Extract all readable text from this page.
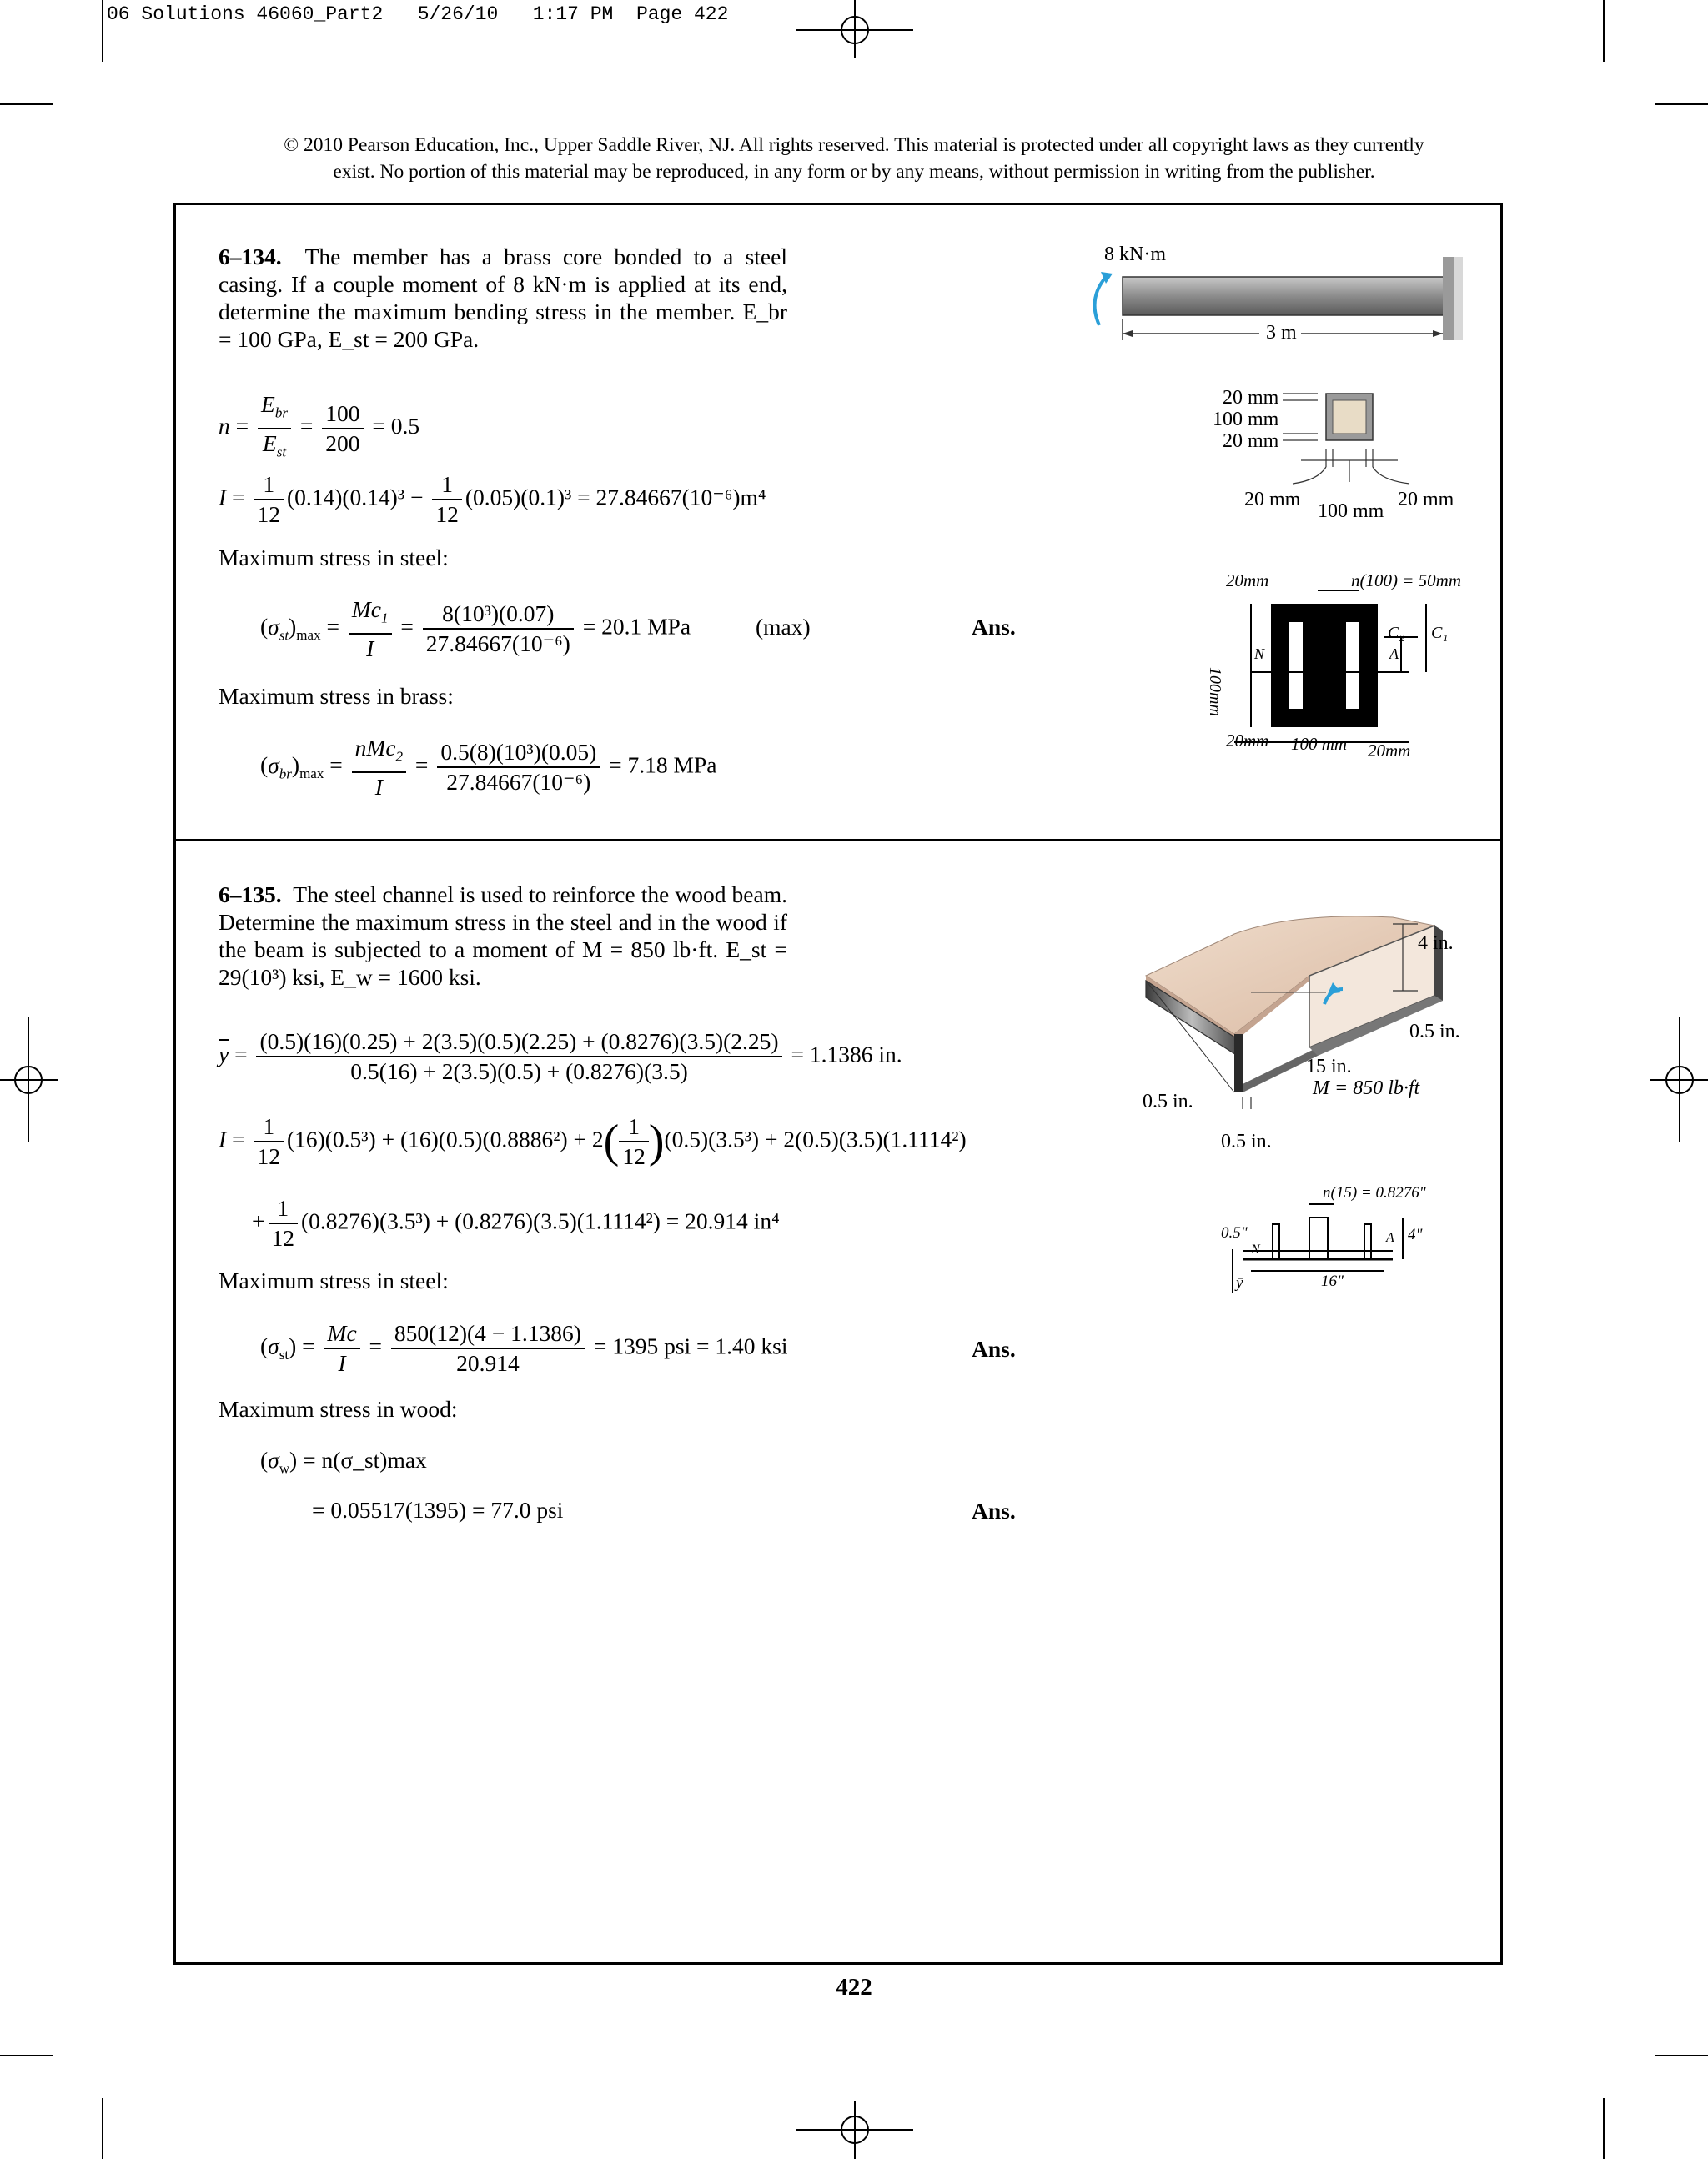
06 Solutions 46060_Part2 5/26/10 1:17 PM Page 422
© 2010 Pearson Education, Inc., Upper Saddle River, NJ. All rights reserved. This material is protected under all copyright laws as they currently
exist. No portion of this material may be reproduced, in any form or by any means, without permission in writing from the publisher.
6–134. The member has a brass core bonded to a steel casing. If a couple moment of 8 kN·m is applied at its end, determine the maximum bending stress in the member. E_br = 100 GPa, E_st = 200 GPa.
$n = \frac{E_{br}}{E_{st}} = \frac{100}{200} = 0.5$
$I = \frac{1}{12} (0.14)(0.14)^3 - \frac{1}{12} (0.05)(0.1)^3 = 27.84667(10^{-6})m^4$
Maximum stress in steel:
$(\sigma_{st})_{max} = \frac{Mc_1}{I} = \frac{\text{8(10³)(0.07)}}{\text{27.84667(10⁻⁶)}} = 20.1$ MPa	(max)	Ans.
Maximum stress in brass:
$(\sigma_{br})_{max} = \frac{nMc_2}{I} = \frac{\text{0.5(8)(10³)(0.05)}}{\text{27.84667(10⁻⁶)}} = 7.18$ MPa
8 kN·m
3 m
20 mm
100 mm
20 mm
20 mm
100 mm
20 mm
20mm	n(100) = 50mm
100mm
20mm 100 mm 20mm
C₂ C₁
N	A
6–135. The steel channel is used to reinforce the wood beam. Determine the maximum stress in the steel and in the wood if the beam is subjected to a moment of M = 850 lb·ft. E_st = 29(10³) ksi, E_w = 1600 ksi.
$\overline{y} = \frac{(0.5)(16)(0.25) + 2(3.5)(0.5)(2.25) + (0.8276)(3.5)(2.25)}{0.5(16) + 2(3.5)(0.5) + (0.8276)(3.5)} = 1.1386$ in.
$I = \frac{1}{12} (16)(0.5^3) + (16)(0.5)(0.8886^2) + 2( \frac{1}{12} )(0.5)(3.5^3) + 2(0.5)(3.5)(1.1114^2)$
+ $\frac{1}{12} (0.8276)(3.5^3) + (0.8276)(3.5)(1.1114^2) = 20.914$ in⁴
Maximum stress in steel:
$(\sigma_{st}) = \frac{Mc}{I} = \frac{850(12)(4 - 1.1386)}{20.914} = 1395$ psi = 1.40 ksi	Ans.
Maximum stress in wood:
$(\sigma_w)$ = n(σ_st)max
= 0.05517(1395) = 77.0 psi	Ans.
4 in.
0.5 in.
15 in.
M = 850 lb·ft
0.5 in.
0.5 in.
n(15) = 0.8276"
0.5"	4"
16"
ȳ
N
A
422
